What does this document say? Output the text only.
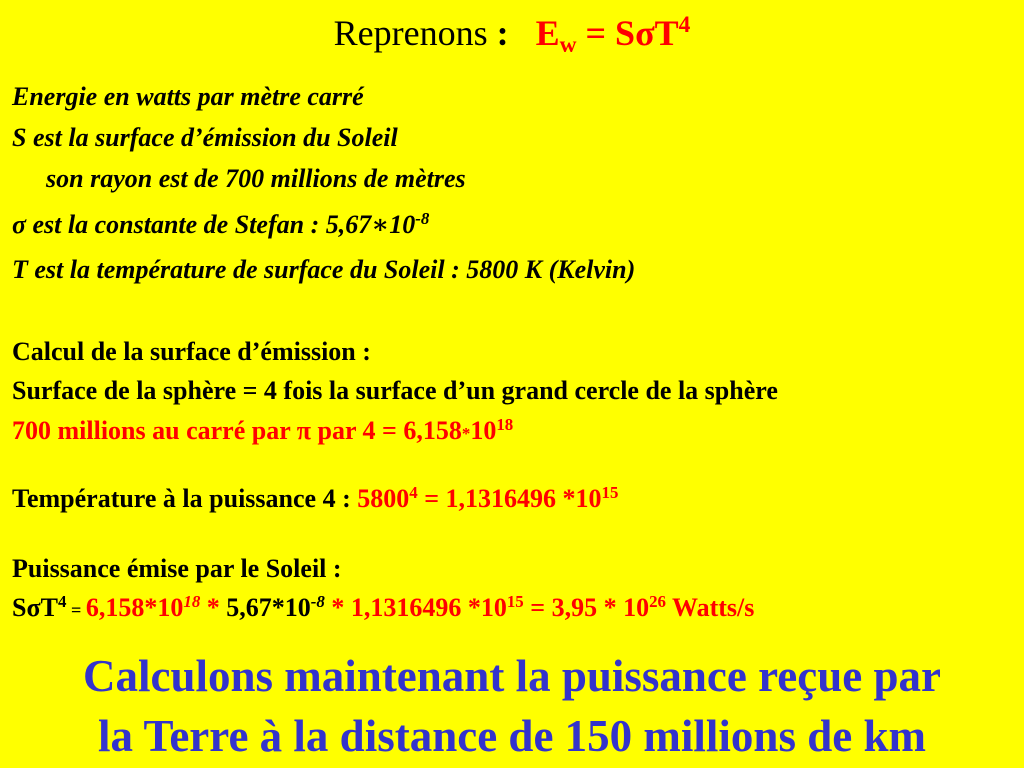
Reprenons : $E_w = S\sigma T^4$
Energie en watts par mètre carré
S est la surface d’émission du Soleil
son rayon est de 700 millions de mètres
σ est la constante de Stefan : $5,67∗10^{-8}$
T est la température de surface du Soleil : 5800 K (Kelvin)
Calcul de la surface d’émission :
Surface de la sphère = 4 fois la surface d’un grand cercle de la sphère
700 millions au carré par π par $4 = 6,158*10^{18}$
Température à la puissance 4 : $5800^4 = 1,1316496$ $*10^{15}$
Puissance émise par le Soleil :
$S\sigma T^4 = 6,158*10^{18} * 5,67*10^{-8} * 1,1316496$ $*10^{15} = 3,95 * 10^{26}$ Watts/s
Calculons maintenant la puissance reçue par
la Terre à la distance de 150 millions de km
